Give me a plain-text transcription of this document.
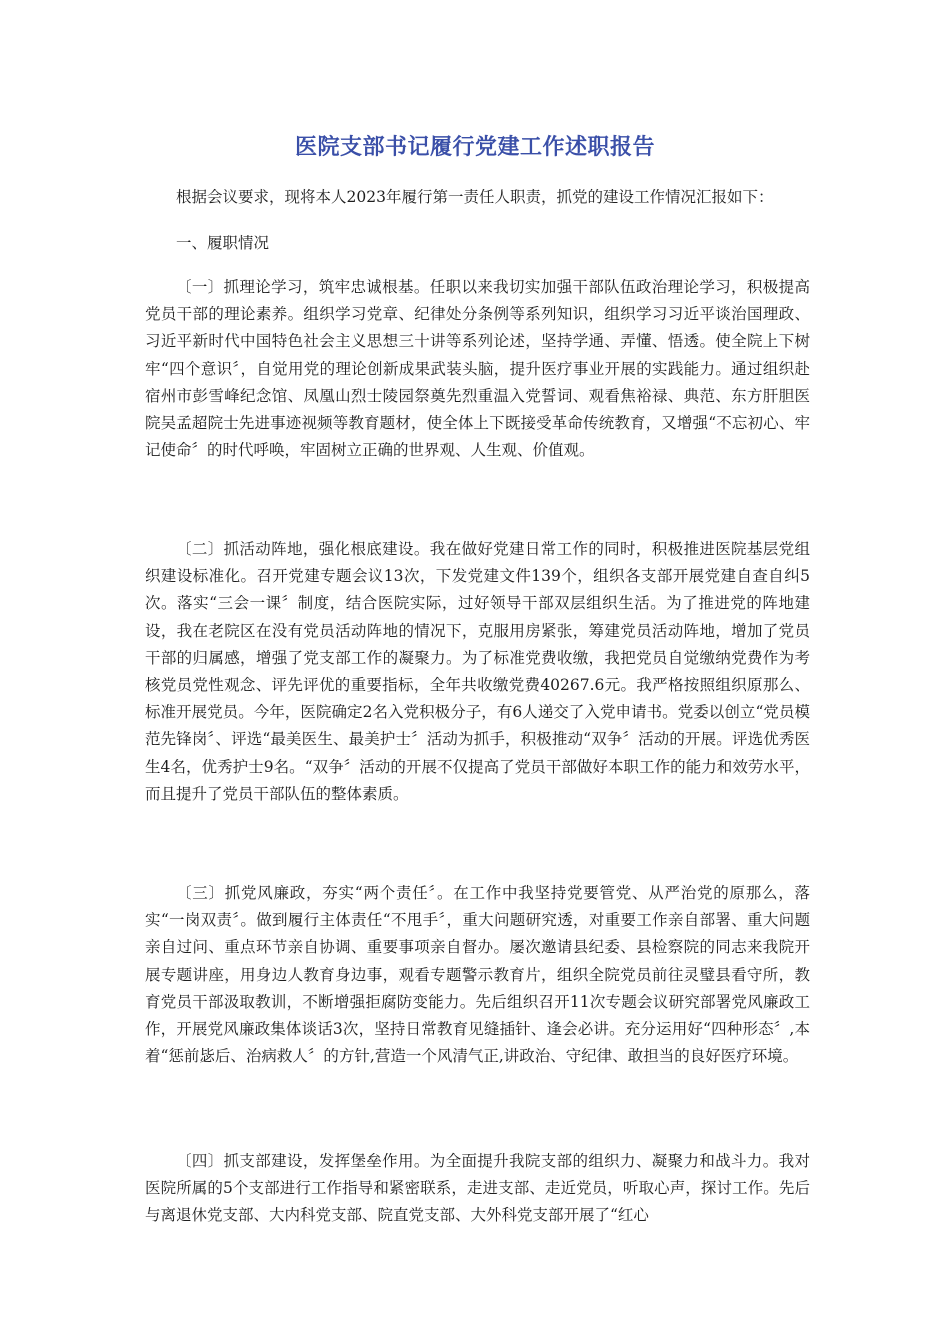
医院支部书记履行党建工作述职报告

根据会议要求，现将本人2023年履行第一责任人职责，抓党的建设工作情况汇报如下：

一、履职情况

〔一〕抓理论学习，筑牢忠诚根基。任职以来我切实加强干部队伍政治理论学习，积极提高党员干部的理论素养。组织学习党章、纪律处分条例等系列知识，组织学习习近平谈治国理政、习近平新时代中国特色社会主义思想三十讲等系列论述，坚持学通、弄懂、悟透。使全院上下树牢“四个意识〞，自觉用党的理论创新成果武装头脑，提升医疗事业开展的实践能力。通过组织赴宿州市彭雪峰纪念馆、凤凰山烈士陵园祭奠先烈重温入党誓词、观看焦裕禄、典范、东方肝胆医院吴孟超院士先进事迹视频等教育题材，使全体上下既接受革命传统教育，又增强“不忘初心、牢记使命〞的时代呼唤，牢固树立正确的世界观、人生观、价值观。

〔二〕抓活动阵地，强化根底建设。我在做好党建日常工作的同时，积极推进医院基层党组织建设标准化。召开党建专题会议13次，下发党建文件139个，组织各支部开展党建自查自纠5次。落实“三会一课〞制度，结合医院实际，过好领导干部双层组织生活。为了推进党的阵地建设，我在老院区在没有党员活动阵地的情况下，克服用房紧张，筹建党员活动阵地，增加了党员干部的归属感，增强了党支部工作的凝聚力。为了标准党费收缴，我把党员自觉缴纳党费作为考核党员党性观念、评先评优的重要指标，全年共收缴党费40267.6元。我严格按照组织原那么、标准开展党员。今年，医院确定2名入党积极分子，有6人递交了入党申请书。党委以创立“党员模范先锋岗〞、评选“最美医生、最美护士〞活动为抓手，积极推动“双争〞活动的开展。评选优秀医生4名，优秀护士9名。“双争〞活动的开展不仅提高了党员干部做好本职工作的能力和效劳水平，而且提升了党员干部队伍的整体素质。

〔三〕抓党风廉政，夯实“两个责任〞。在工作中我坚持党要管党、从严治党的原那么，落实“一岗双责〞。做到履行主体责任“不甩手〞，重大问题研究透，对重要工作亲自部署、重大问题亲自过问、重点环节亲自协调、重要事项亲自督办。屡次邀请县纪委、县检察院的同志来我院开展专题讲座，用身边人教育身边事，观看专题警示教育片，组织全院党员前往灵璧县看守所，教育党员干部汲取教训，不断增强拒腐防变能力。先后组织召开11次专题会议研究部署党风廉政工作，开展党风廉政集体谈话3次，坚持日常教育见缝插针、逢会必讲。充分运用好“四种形态〞,本着“惩前毖后、治病救人〞的方针,营造一个风清气正,讲政治、守纪律、敢担当的良好医疗环境。

〔四〕抓支部建设，发挥堡垒作用。为全面提升我院支部的组织力、凝聚力和战斗力。我对医院所属的5个支部进行工作指导和紧密联系，走进支部、走近党员，听取心声，探讨工作。先后与离退休党支部、大内科党支部、院直党支部、大外科党支部开展了“红心
